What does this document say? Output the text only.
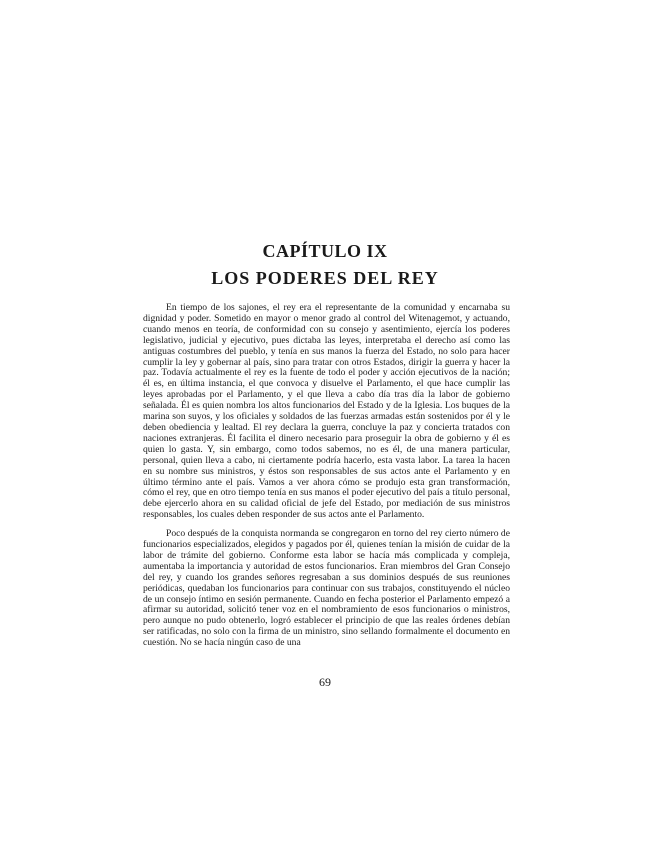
CAPÍTULO IX
LOS PODERES DEL REY

En tiempo de los sajones, el rey era el representante de la comunidad y encarnaba su dignidad y poder. Sometido en mayor o menor grado al control del Witenagemot, y actuando, cuando menos en teoría, de conformidad con su consejo y asentimiento, ejercía los poderes legislativo, judicial y ejecutivo, pues dictaba las leyes, interpretaba el derecho así como las antiguas costumbres del pueblo, y tenía en sus manos la fuerza del Estado, no solo para hacer cumplir la ley y gobernar al país, sino para tratar con otros Estados, dirigir la guerra y hacer la paz. Todavía actualmente el rey es la fuente de todo el poder y acción ejecutivos de la nación; él es, en última instancia, el que convoca y disuelve el Parlamento, el que hace cumplir las leyes aprobadas por el Parlamento, y el que lleva a cabo día tras día la labor de gobierno señalada. Él es quien nombra los altos funcionarios del Estado y de la Iglesia. Los buques de la marina son suyos, y los oficiales y soldados de las fuerzas armadas están sostenidos por él y le deben obediencia y lealtad. El rey declara la guerra, concluye la paz y concierta tratados con naciones extranjeras. Él facilita el dinero necesario para proseguir la obra de gobierno y él es quien lo gasta. Y, sin embargo, como todos sabemos, no es él, de una manera particular, personal, quien lleva a cabo, ni ciertamente podría hacerlo, esta vasta labor. La tarea la hacen en su nombre sus ministros, y éstos son responsables de sus actos ante el Parlamento y en último término ante el país. Vamos a ver ahora cómo se produjo esta gran transformación, cómo el rey, que en otro tiempo tenía en sus manos el poder ejecutivo del país a título personal, debe ejercerlo ahora en su calidad oficial de jefe del Estado, por mediación de sus ministros responsables, los cuales deben responder de sus actos ante el Parlamento.

Poco después de la conquista normanda se congregaron en torno del rey cierto número de funcionarios especializados, elegidos y pagados por él, quienes tenían la misión de cuidar de la labor de trámite del gobierno. Conforme esta labor se hacía más complicada y compleja, aumentaba la importancia y autoridad de estos funcionarios. Eran miembros del Gran Consejo del rey, y cuando los grandes señores regresaban a sus dominios después de sus reuniones periódicas, quedaban los funcionarios para continuar con sus trabajos, constituyendo el núcleo de un consejo íntimo en sesión permanente. Cuando en fecha posterior el Parlamento empezó a afirmar su autoridad, solicitó tener voz en el nombramiento de esos funcionarios o ministros, pero aunque no pudo obtenerlo, logró establecer el principio de que las reales órdenes debían ser ratificadas, no solo con la firma de un ministro, sino sellando formalmente el documento en cuestión. No se hacía ningún caso de una

69
